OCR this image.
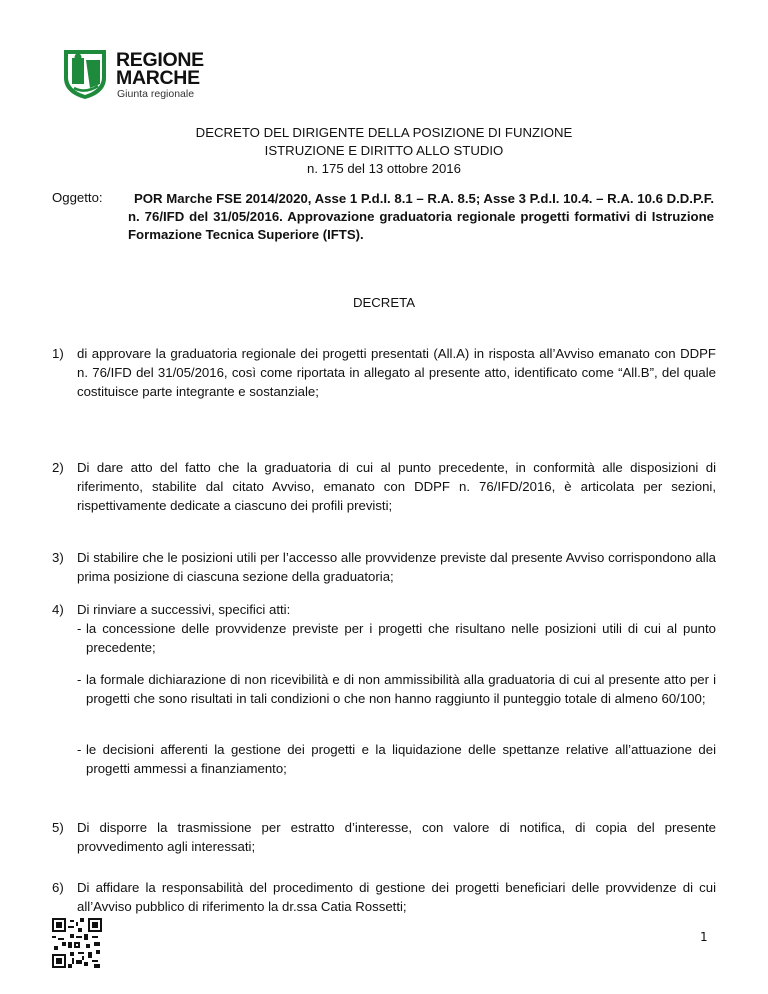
REGIONE
MARCHE
Giunta regionale
DECRETO DEL DIRIGENTE DELLA POSIZIONE DI FUNZIONE
ISTRUZIONE E DIRITTO ALLO STUDIO
n. 175 del 13 ottobre 2016
Oggetto:	POR Marche FSE 2014/2020, Asse 1 P.d.I. 8.1 – R.A. 8.5; Asse 3 P.d.I. 10.4. – R.A. 10.6 D.D.P.F. n. 76/IFD del 31/05/2016. Approvazione graduatoria regionale progetti formativi di Istruzione Formazione Tecnica Superiore (IFTS).
DECRETA
1) di approvare la graduatoria regionale dei progetti presentati (All.A) in risposta all’Avviso emanato con DDPF n. 76/IFD del 31/05/2016, così come riportata in allegato al presente atto, identificato come “All.B”, del quale costituisce parte integrante e sostanziale;
2) Di dare atto del fatto che la graduatoria di cui al punto precedente, in conformità alle disposizioni di riferimento, stabilite dal citato Avviso, emanato con DDPF n. 76/IFD/2016, è articolata per sezioni, rispettivamente dedicate a ciascuno dei profili previsti;
3) Di stabilire che le posizioni utili per l’accesso alle provvidenze previste dal presente Avviso corrispondono alla prima posizione di ciascuna sezione della graduatoria;
4) Di rinviare a successivi, specifici atti:
- la concessione delle provvidenze previste per i progetti che risultano nelle posizioni utili di cui al punto precedente;
- la formale dichiarazione di non ricevibilità e di non ammissibilità alla graduatoria di cui al presente atto per i progetti che sono risultati in tali condizioni o che non hanno raggiunto il punteggio totale di almeno 60/100;
- le decisioni afferenti la gestione dei progetti e la liquidazione delle spettanze relative all’attuazione dei progetti ammessi a finanziamento;
5) Di disporre la trasmissione per estratto d’interesse, con valore di notifica, di copia del presente provvedimento agli interessati;
6) Di affidare la responsabilità del procedimento di gestione dei progetti beneficiari delle provvidenze di cui all’Avviso pubblico di riferimento la dr.ssa Catia Rossetti;
1
